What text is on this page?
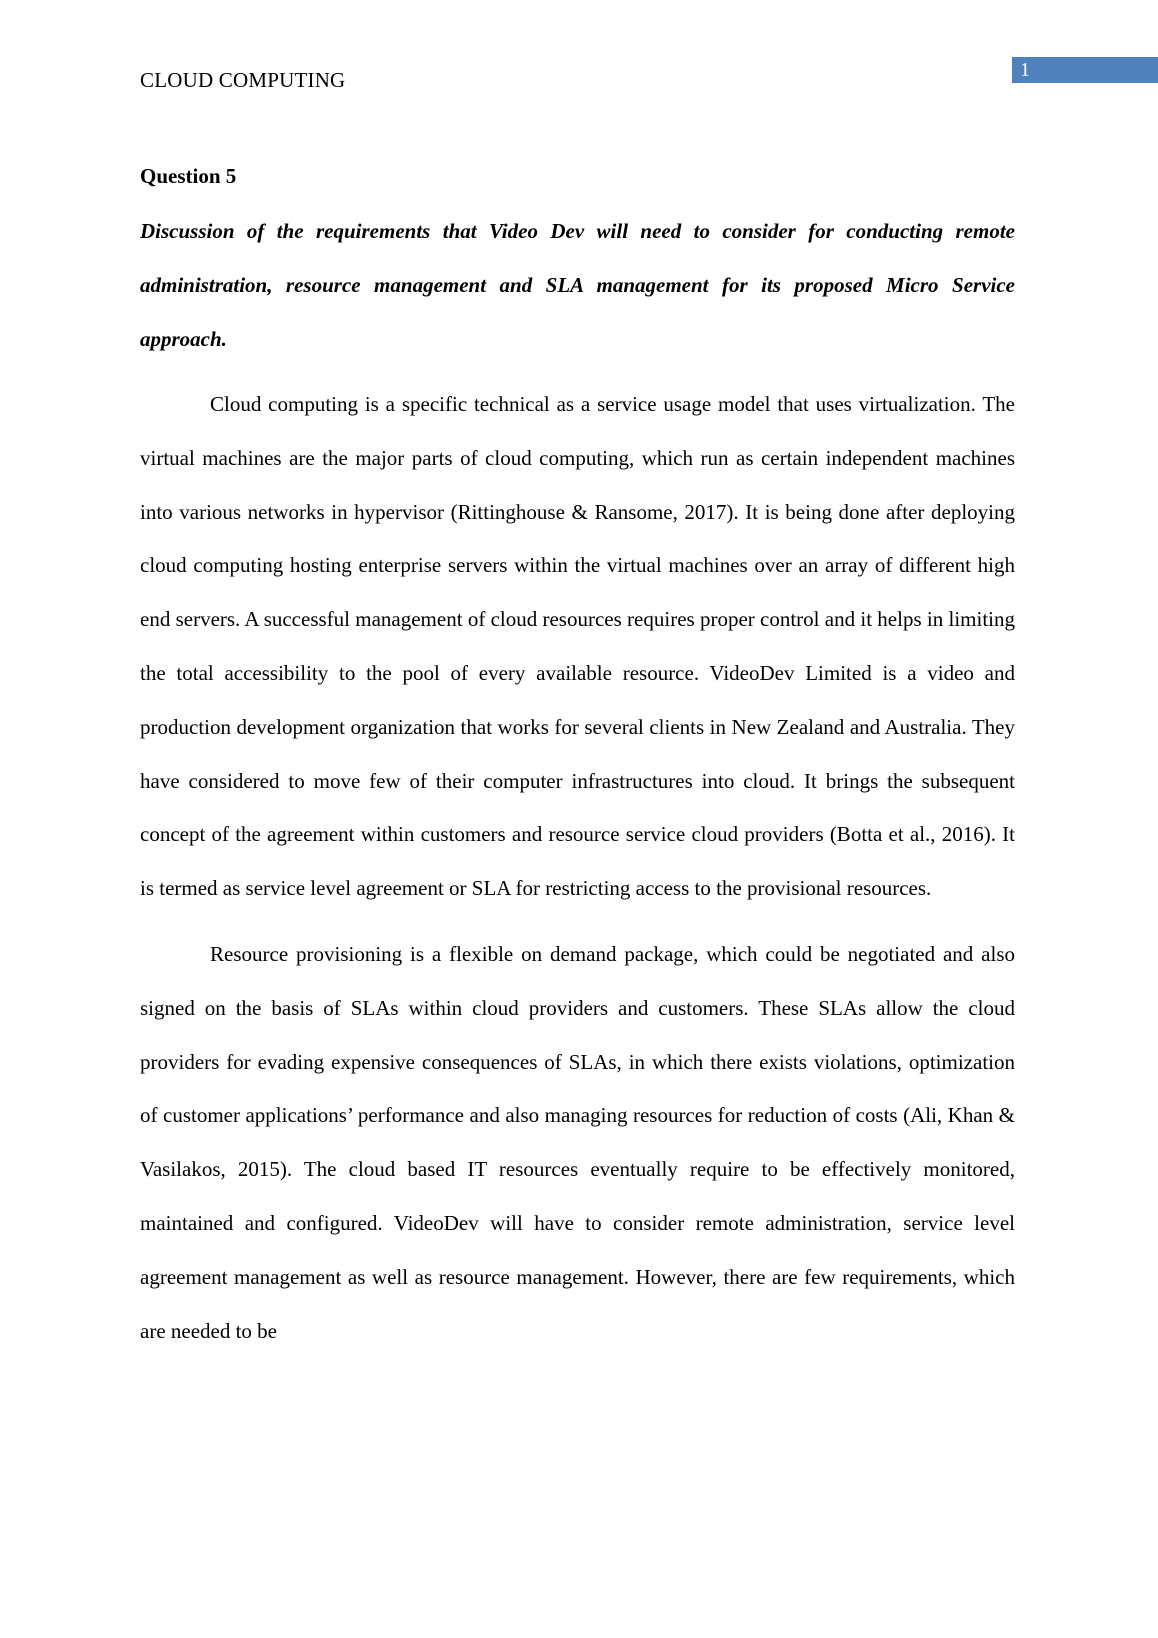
1
CLOUD COMPUTING
Question 5

Discussion of the requirements that Video Dev will need to consider for conducting remote administration, resource management and SLA management for its proposed Micro Service approach.

Cloud computing is a specific technical as a service usage model that uses virtualization. The virtual machines are the major parts of cloud computing, which run as certain independent machines into various networks in hypervisor (Rittinghouse & Ransome, 2017). It is being done after deploying cloud computing hosting enterprise servers within the virtual machines over an array of different high end servers. A successful management of cloud resources requires proper control and it helps in limiting the total accessibility to the pool of every available resource. VideoDev Limited is a video and production development organization that works for several clients in New Zealand and Australia. They have considered to move few of their computer infrastructures into cloud. It brings the subsequent concept of the agreement within customers and resource service cloud providers (Botta et al., 2016). It is termed as service level agreement or SLA for restricting access to the provisional resources.

Resource provisioning is a flexible on demand package, which could be negotiated and also signed on the basis of SLAs within cloud providers and customers. These SLAs allow the cloud providers for evading expensive consequences of SLAs, in which there exists violations, optimization of customer applications’ performance and also managing resources for reduction of costs (Ali, Khan & Vasilakos, 2015). The cloud based IT resources eventually require to be effectively monitored, maintained and configured. VideoDev will have to consider remote administration, service level agreement management as well as resource management. However, there are few requirements, which are needed to be
